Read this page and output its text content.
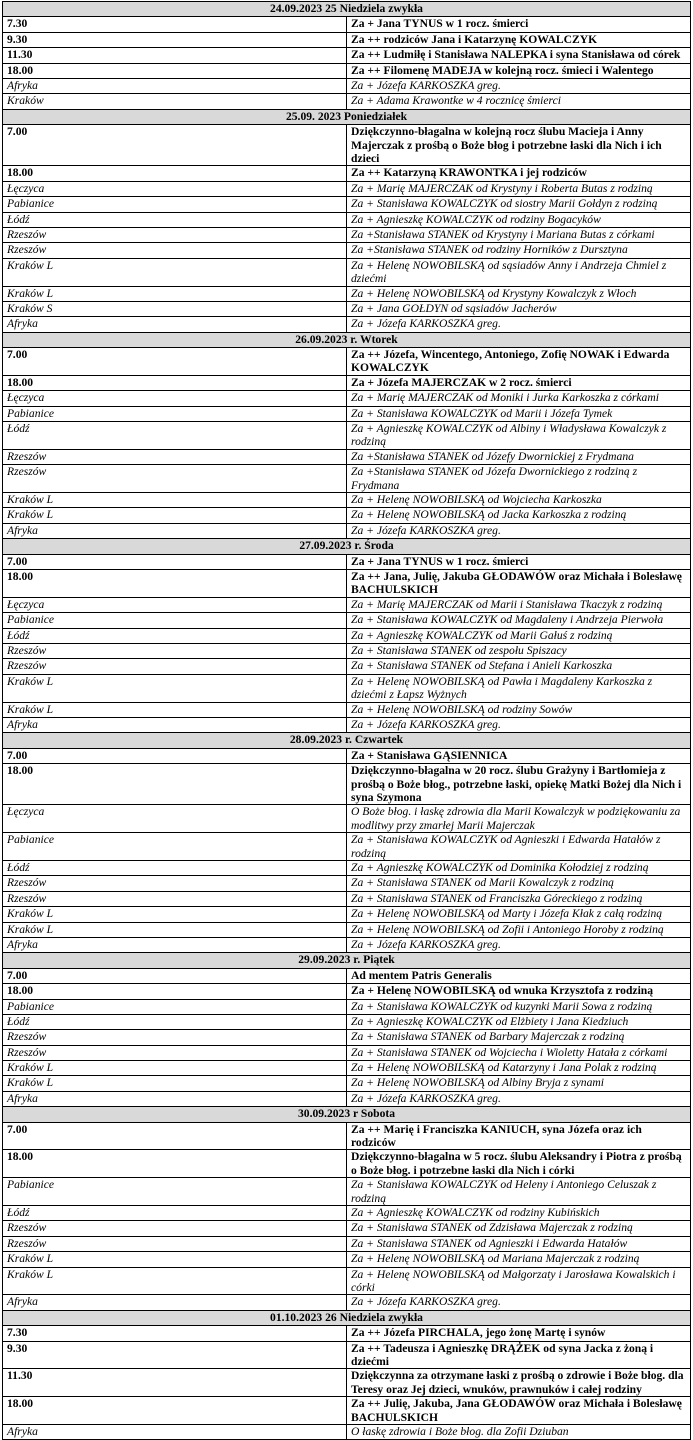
24.09.2023 25 Niedziela zwykła	
7.30	Za + Jana TYNUS w 1 rocz. śmierci
9.30	Za ++ rodziców Jana i Katarzynę KOWALCZYK
11.30	Za ++ Ludmiłę i Stanisława NALEPKA i syna Stanisława od córek
18.00	Za ++ Filomenę MADEJA w kolejną rocz. śmieci i Walentego
Afryka	Za + Józefa KARKOSZKA greg.
Kraków	Za + Adama Krawontke w 4 rocznicę śmierci
25.09. 2023 Poniedziałek	
7.00	Dziękczynno-błagalna w kolejną rocz ślubu Macieja i Anny Majerczak z prośbą o Boże błog i potrzebne łaski dla Nich i ich dzieci
18.00	Za ++ Katarzyną KRAWONTKA i jej rodziców
Łęczyca	Za + Marię MAJERCZAK od Krystyny i Roberta Butas z rodziną
Pabianice	Za + Stanisława KOWALCZYK od siostry Marii Gołdyn z rodziną
Łódź	Za + Agnieszkę KOWALCZYK od rodziny Bogacyków
Rzeszów	Za +Stanisława STANEK od Krystyny i Mariana Butas z córkami
Rzeszów	Za +Stanisława STANEK od rodziny Horników z Dursztyna
Kraków L	Za + Helenę NOWOBILSKĄ od sąsiadów Anny i Andrzeja Chmiel z dziećmi
Kraków L	Za + Helenę NOWOBILSKĄ od Krystyny Kowalczyk z Włoch
Kraków S	Za + Jana GOŁDYN od sąsiadów Jacherów
Afryka	Za + Józefa KARKOSZKA greg.
26.09.2023 r. Wtorek	
7.00	Za ++ Józefa, Wincentego, Antoniego, Zofię NOWAK i Edwarda KOWALCZYK
18.00	Za + Józefa MAJERCZAK w 2 rocz. śmierci
Łęczyca	Za + Marię MAJERCZAK od Moniki i Jurka Karkoszka z córkami
Pabianice	Za + Stanisława KOWALCZYK od Marii i Józefa Tymek
Łódź	Za + Agnieszkę KOWALCZYK od Albiny i Władysława Kowalczyk z rodziną
Rzeszów	Za +Stanisława STANEK od Józefy Dwornickiej z Frydmana
Rzeszów	Za +Stanisława STANEK od Józefa Dwornickiego z rodziną z Frydmana
Kraków L	Za + Helenę NOWOBILSKĄ od Wojciecha Karkoszka
Kraków L	Za + Helenę NOWOBILSKĄ od Jacka Karkoszka z rodziną
Afryka	Za + Józefa KARKOSZKA greg.
27.09.2023 r. Środa	
7.00	Za + Jana TYNUS w 1 rocz. śmierci
18.00	Za ++ Jana, Julię, Jakuba GŁODAWÓW oraz Michała i Bolesławę BACHULSKICH
Łęczyca	Za + Marię MAJERCZAK od Marii i Stanisława Tkaczyk z rodziną
Pabianice	Za + Stanisława KOWALCZYK od Magdaleny i Andrzeja Pierwoła
Łódź	Za + Agnieszkę KOWALCZYK od Marii Gałuś z rodziną
Rzeszów	Za + Stanisława STANEK od zespołu Spiszacy
Rzeszów	Za + Stanisława STANEK od Stefana i Anieli Karkoszka
Kraków L	Za + Helenę NOWOBILSKĄ od Pawła i Magdaleny Karkoszka z dziećmi z Łapsz Wyżnych
Kraków L	Za + Helenę NOWOBILSKĄ od rodziny Sowów
Afryka	Za + Józefa KARKOSZKA greg.
28.09.2023 r. Czwartek	
7.00	Za + Stanisława GĄSIENNICA
18.00	Dziękczynno-błagalna w 20 rocz. ślubu Grażyny i Bartłomieja z prośbą o Boże błog., potrzebne łaski, opiekę Matki Bożej dla Nich i syna Szymona
Łęczyca	O Boże błog. i łaskę zdrowia dla Marii Kowalczyk w podziękowaniu za modlitwy przy zmarłej Marii Majerczak
Pabianice	Za + Stanisława KOWALCZYK od Agnieszki i Edwarda Hatałów z rodziną
Łódź	Za + Agnieszkę KOWALCZYK od Dominika Kołodziej z rodziną
Rzeszów	Za + Stanisława STANEK od Marii Kowalczyk z rodziną
Rzeszów	Za + Stanisława STANEK od Franciszka Góreckiego z rodziną
Kraków L	Za + Helenę NOWOBILSKĄ od Marty i Józefa Kłak z całą rodziną
Kraków L	Za + Helenę NOWOBILSKĄ od Zofii i Antoniego Horoby z rodziną
Afryka	Za + Józefa KARKOSZKA greg.
29.09.2023 r. Piątek	
7.00	Ad mentem Patris Generalis
18.00	Za + Helenę NOWOBILSKĄ od wnuka Krzysztofa z rodziną
Pabianice	Za + Stanisława KOWALCZYK od kuzynki Marii Sowa z rodziną
Łódź	Za + Agnieszkę KOWALCZYK od Elżbiety i Jana Kiedziuch
Rzeszów	Za + Stanisława STANEK od Barbary Majerczak z rodziną
Rzeszów	Za + Stanisława STANEK od Wojciecha i Wioletty Hatała z córkami
Kraków L	Za + Helenę NOWOBILSKĄ od Katarzyny i Jana Polak z rodziną
Kraków L	Za + Helenę NOWOBILSKĄ od Albiny Bryja z synami
Afryka	Za + Józefa KARKOSZKA greg.
30.09.2023 r Sobota	
7.00	Za ++ Marię i Franciszka KANIUCH, syna Józefa oraz ich rodziców
18.00	Dziękczynno-błagalna w 5 rocz. ślubu Aleksandry i Piotra z prośbą o Boże błog. i potrzebne łaski dla Nich i córki
Pabianice	Za + Stanisława KOWALCZYK od Heleny i Antoniego Celuszak z rodziną
Łódź	Za + Agnieszkę KOWALCZYK od rodziny Kubińskich
Rzeszów	Za + Stanisława STANEK od Zdzisława Majerczak z rodziną
Rzeszów	Za + Stanisława STANEK od Agnieszki i Edwarda Hatałów
Kraków L	Za + Helenę NOWOBILSKĄ od Mariana Majerczak z rodziną
Kraków L	Za + Helenę NOWOBILSKĄ od Małgorzaty i Jarosława Kowalskich i córki
Afryka	Za + Józefa KARKOSZKA greg.
01.10.2023 26 Niedziela zwykła	
7.30	Za ++ Józefa PIRCHALA, jego żonę Martę i synów
9.30	Za ++ Tadeusza i Agnieszkę DRĄŻEK od syna Jacka z żoną i dziećmi
11.30	Dziękczynna za otrzymane łaski z prośbą o zdrowie i Boże błog. dla Teresy oraz Jej dzieci, wnuków, prawnuków i całej rodziny
18.00	Za ++ Julię, Jakuba, Jana GŁODAWÓW oraz Michała i Bolesławę BACHULSKICH
Afryka	O łaskę zdrowia i Boże błog. dla Zofii Dziuban
